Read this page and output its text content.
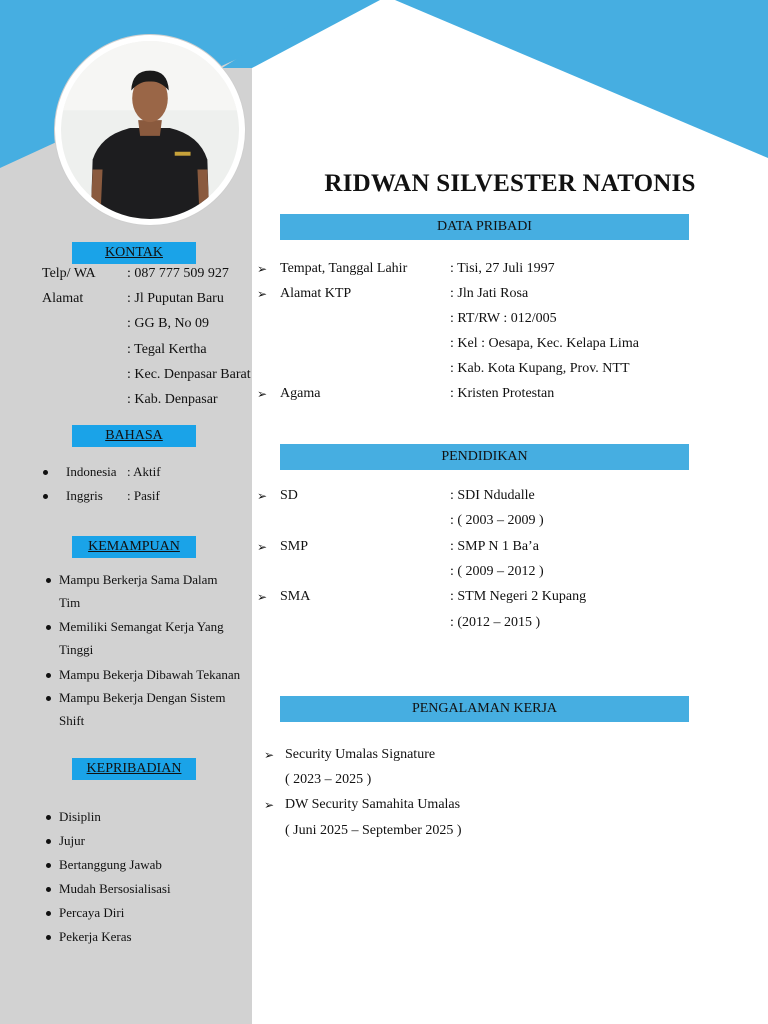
RIDWAN SILVESTER NATONIS
KONTAK
Telp/ WA : 087 777 509 927
Alamat	: Jl Puputan Baru
: GG B, No 09
: Tegal Kertha
: Kec. Denpasar Barat
: Kab. Denpasar
BAHASA
Indonesia : Aktif
Inggris : Pasif
KEMAMPUAN
Mampu Berkerja Sama Dalam
Tim
Memiliki Semangat Kerja Yang
Tinggi
Mampu Bekerja Dibawah Tekanan
Mampu Bekerja Dengan Sistem
Shift
KEPRIBADIAN
Disiplin
Jujur
Bertanggung Jawab
Mudah Bersosialisasi
Percaya Diri
Pekerja Keras
DATA PRIBADI
➢ Tempat, Tanggal Lahir	: Tisi, 27 Juli 1997
➢ Alamat KTP	: Jln Jati Rosa
: RT/RW : 012/005
: Kel : Oesapa, Kec. Kelapa Lima
: Kab. Kota Kupang, Prov. NTT
➢ Agama	: Kristen Protestan
PENDIDIKAN
➢ SD	: SDI Ndudalle
: ( 2003 – 2009 )
➢ SMP	: SMP N 1 Ba’a
: ( 2009 – 2012 )
➢ SMA	: STM Negeri 2 Kupang
: (2012 – 2015 )
PENGALAMAN KERJA
➢ Security Umalas Signature
( 2023 – 2025 )
➢ DW Security Samahita Umalas
( Juni 2025 – September 2025 )
